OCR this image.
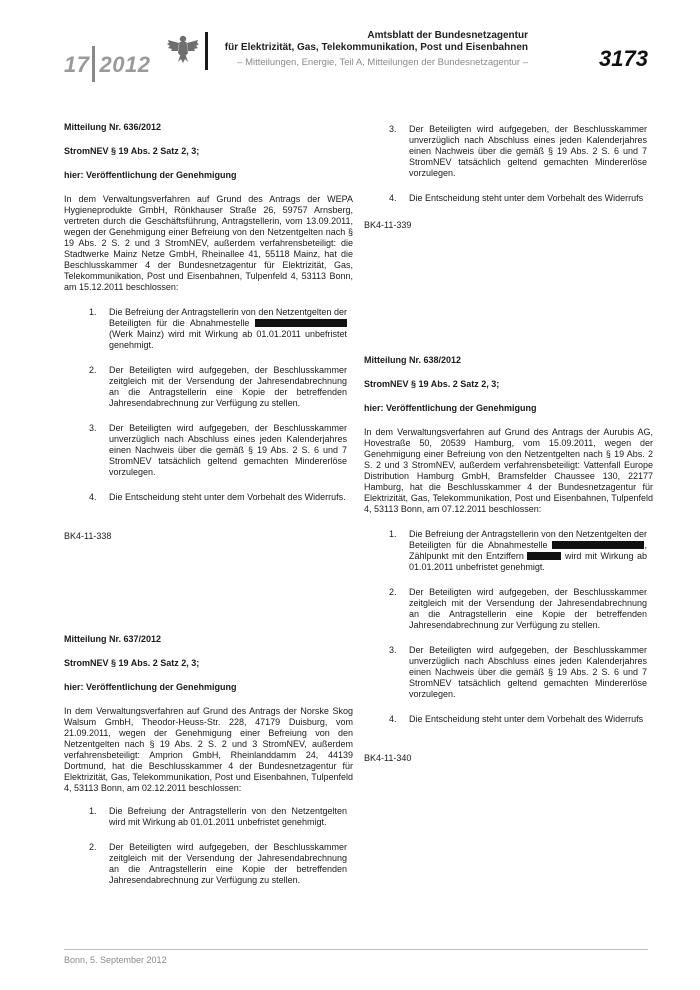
17 2012
Amtsblatt der Bundesnetzagentur
für Elektrizität, Gas, Telekommunikation, Post und Eisenbahnen
– Mitteilungen, Energie, Teil A, Mitteilungen der Bundesnetzagentur –	3173
Mitteilung Nr. 636/2012
StromNEV § 19 Abs. 2 Satz 2, 3;
hier: Veröffentlichung der Genehmigung

In dem Verwaltungsverfahren auf Grund des Antrags der WEPA Hygieneprodukte GmbH, Rönkhauser Straße 26, 59757 Arnsberg, vertreten durch die Geschäftsführung, Antragstellerin, vom 13.09.2011, wegen der Genehmigung einer Befreiung von den Netzentgelten nach § 19 Abs. 2 S. 2 und 3 StromNEV, außerdem verfahrensbeteiligt: die Stadtwerke Mainz Netze GmbH, Rheinallee 41, 55118 Mainz, hat die Beschlusskammer 4 der Bundesnetzagentur für Elektrizität, Gas, Telekommunikation, Post und Eisenbahnen, Tulpenfeld 4, 53113 Bonn, am 15.12.2011 beschlossen:

1. Die Befreiung der Antragstellerin von den Netzentgelten der Beteiligten für die Abnahmestelle  (Werk Mainz) wird mit Wirkung ab 01.01.2011 unbefristet genehmigt.
2. Der Beteiligten wird aufgegeben, der Beschlusskammer zeitgleich mit der Versendung der Jahresendabrechnung an die Antragstellerin eine Kopie der betreffenden Jahresendabrechnung zur Verfügung zu stellen.
3. Der Beteiligten wird aufgegeben, der Beschlusskammer unverzüglich nach Abschluss eines jeden Kalenderjahres einen Nachweis über die gemäß § 19 Abs. 2 S. 6 und 7 StromNEV tatsächlich geltend gemachten Mindererlöse vorzulegen.
4. Die Entscheidung steht unter dem Vorbehalt des Widerrufs.
BK4-11-338
Mitteilung Nr. 637/2012
StromNEV § 19 Abs. 2 Satz 2, 3;
hier: Veröffentlichung der Genehmigung

In dem Verwaltungsverfahren auf Grund des Antrags der Norske Skog Walsum GmbH, Theodor-Heuss-Str. 228, 47179 Duisburg, vom 21.09.2011, wegen der Genehmigung einer Befreiung von den Netzentgelten nach § 19 Abs. 2 S. 2 und 3 StromNEV, außerdem verfahrensbeteiligt: Amprion GmbH, Rheinlanddamm 24, 44139 Dortmund, hat die Beschlusskammer 4 der Bundesnetzagentur für Elektrizität, Gas, Telekommunikation, Post und Eisenbahnen, Tulpenfeld 4, 53113 Bonn, am 02.12.2011 beschlossen:

1. Die Befreiung der Antragstellerin von den Netzentgelten wird mit Wirkung ab 01.01.2011 unbefristet genehmigt.
2. Der Beteiligten wird aufgegeben, der Beschlusskammer zeitgleich mit der Versendung der Jahresendabrechnung an die Antragstellerin eine Kopie der betreffenden Jahresendabrechnung zur Verfügung zu stellen.
3. Der Beteiligten wird aufgegeben, der Beschlusskammer unverzüglich nach Abschluss eines jeden Kalenderjahres einen Nachweis über die gemäß § 19 Abs. 2 S. 6 und 7 StromNEV tatsächlich geltend gemachten Mindererlöse vorzulegen.
4. Die Entscheidung steht unter dem Vorbehalt des Widerrufs
BK4-11-339
Mitteilung Nr. 638/2012
StromNEV § 19 Abs. 2 Satz 2, 3;
hier: Veröffentlichung der Genehmigung

In dem Verwaltungsverfahren auf Grund des Antrags der Aurubis AG, Hovestraße 50, 20539 Hamburg, vom 15.09.2011, wegen der Genehmigung einer Befreiung von den Netzentgelten nach § 19 Abs. 2 S. 2 und 3 StromNEV, außerdem verfahrensbeteiligt: Vattenfall Europe Distribution Hamburg GmbH, Bramsfelder Chaussee 130, 22177 Hamburg, hat die Beschlusskammer 4 der Bundesnetzagentur für Elektrizität, Gas, Telekommunikation, Post und Eisenbahnen, Tulpenfeld 4, 53113 Bonn, am 07.12.2011 beschlossen:

1. Die Befreiung der Antragstellerin von den Netzentgelten der Beteiligten für die Abnahmestelle	, Zählpunkt mit den Entziffern	wird mit Wirkung ab 01.01.2011 unbefristet genehmigt.
2. Der Beteiligten wird aufgegeben, der Beschlusskammer zeitgleich mit der Versendung der Jahresendabrechnung an die Antragstellerin eine Kopie der betreffenden Jahresendabrechnung zur Verfügung zu stellen.
3. Der Beteiligten wird aufgegeben, der Beschlusskammer unverzüglich nach Abschluss eines jeden Kalenderjahres einen Nachweis über die gemäß § 19 Abs. 2 S. 6 und 7 StromNEV tatsächlich geltend gemachten Mindererlöse vorzulegen.
4. Die Entscheidung steht unter dem Vorbehalt des Widerrufs
BK4-11-340
Bonn, 5. September 2012
